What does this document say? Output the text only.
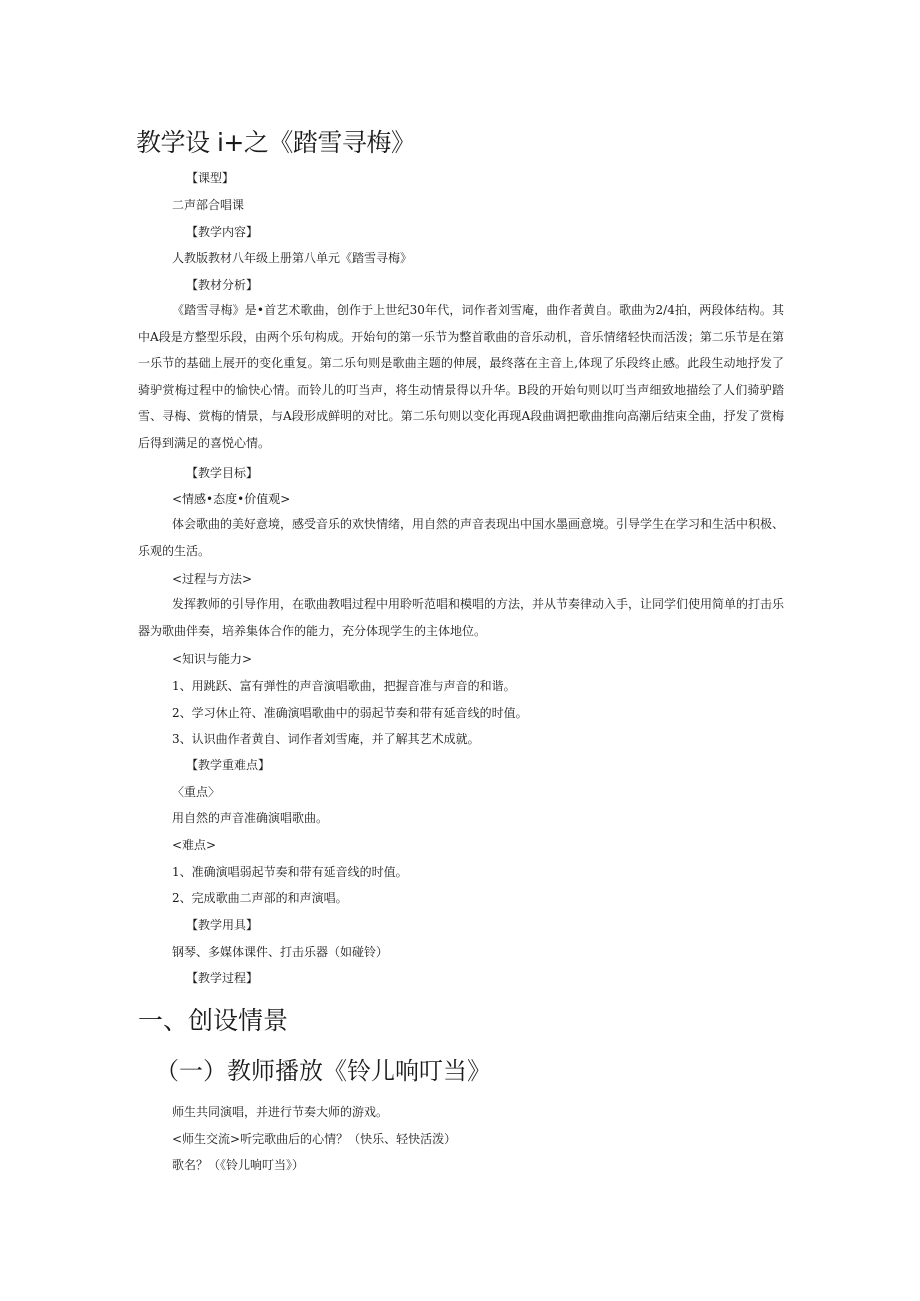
教学设 i+之《踏雪寻梅》
【课型】
二声部合唱课
【教学内容】
人教版教材八年级上册第八单元《踏雪寻梅》
【教材分析】
《踏雪寻梅》是•首艺术歌曲，创作于上世纪30年代，词作者刘雪庵，曲作者黄自。歌曲为2/4拍，两段体结构。其中A段是方整型乐段，由两个乐句构成。开始句的第一乐节为整首歌曲的音乐动机，音乐情绪轻快而活泼；第二乐节是在第一乐节的基础上展开的变化重复。第二乐句则是歌曲主题的伸展，最终落在主音上,体现了乐段终止感。此段生动地抒发了骑驴赏梅过程中的愉快心情。而铃儿的叮当声，将生动情景得以升华。B段的开始句则以叮当声细致地描绘了人们骑驴踏雪、寻梅、赏梅的情景，与A段形成鲜明的对比。第二乐句则以变化再现A段曲调把歌曲推向高潮后结束全曲，抒发了赏梅后得到满足的喜悦心情。
【教学目标】
<情感•态度•价值观>
体会歌曲的美好意境，感受音乐的欢快情绪，用自然的声音表现出中国水墨画意境。引导学生在学习和生活中积极、乐观的生活。
<过程与方法>
发挥教师的引导作用，在歌曲教唱过程中用聆听范唱和模唱的方法，并从节奏律动入手，让同学们使用简单的打击乐器为歌曲伴奏，培养集体合作的能力，充分体现学生的主体地位。
<知识与能力>
1、用跳跃、富有弹性的声音演唱歌曲，把握音准与声音的和谐。
2、学习休止符、准确演唱歌曲中的弱起节奏和带有延音线的时值。
3、认识曲作者黄自、词作者刘雪庵，并了解其艺术成就。
【教学重难点】
〈重点〉
用自然的声音准确演唱歌曲。
<难点>
1、准确演唱弱起节奏和带有延音线的时值。
2、完成歌曲二声部的和声演唱。
【教学用具】
钢琴、多媒体课件、打击乐器（如碰铃）
【教学过程】
一、创设情景
（一）教师播放《铃儿响叮当》
师生共同演唱，并进行节奏大师的游戏。
<师生交流>听完歌曲后的心情？（快乐、轻快活泼）
歌名？（《铃儿响叮当》）
